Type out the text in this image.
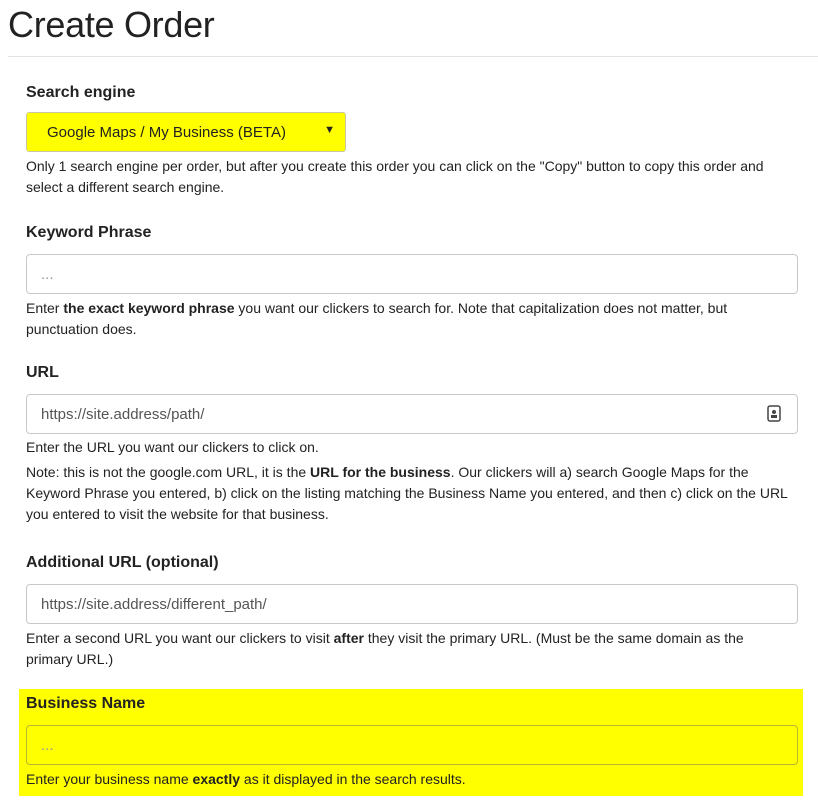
Create Order
Search engine
Google Maps / My Business (BETA)	▼
Only 1 search engine per order, but after you create this order you can click on the "Copy" button to copy this order and select a different search engine.
Keyword Phrase
...
Enter the exact keyword phrase you want our clickers to search for. Note that capitalization does not matter, but punctuation does.
URL
https://site.address/path/
Enter the URL you want our clickers to click on.
Note: this is not the google.com URL, it is the URL for the business. Our clickers will a) search Google Maps for the Keyword Phrase you entered, b) click on the listing matching the Business Name you entered, and then c) click on the URL you entered to visit the website for that business.
Additional URL (optional)
https://site.address/different_path/
Enter a second URL you want our clickers to visit after they visit the primary URL. (Must be the same domain as the primary URL.)
Business Name
...
Enter your business name exactly as it displayed in the search results.
